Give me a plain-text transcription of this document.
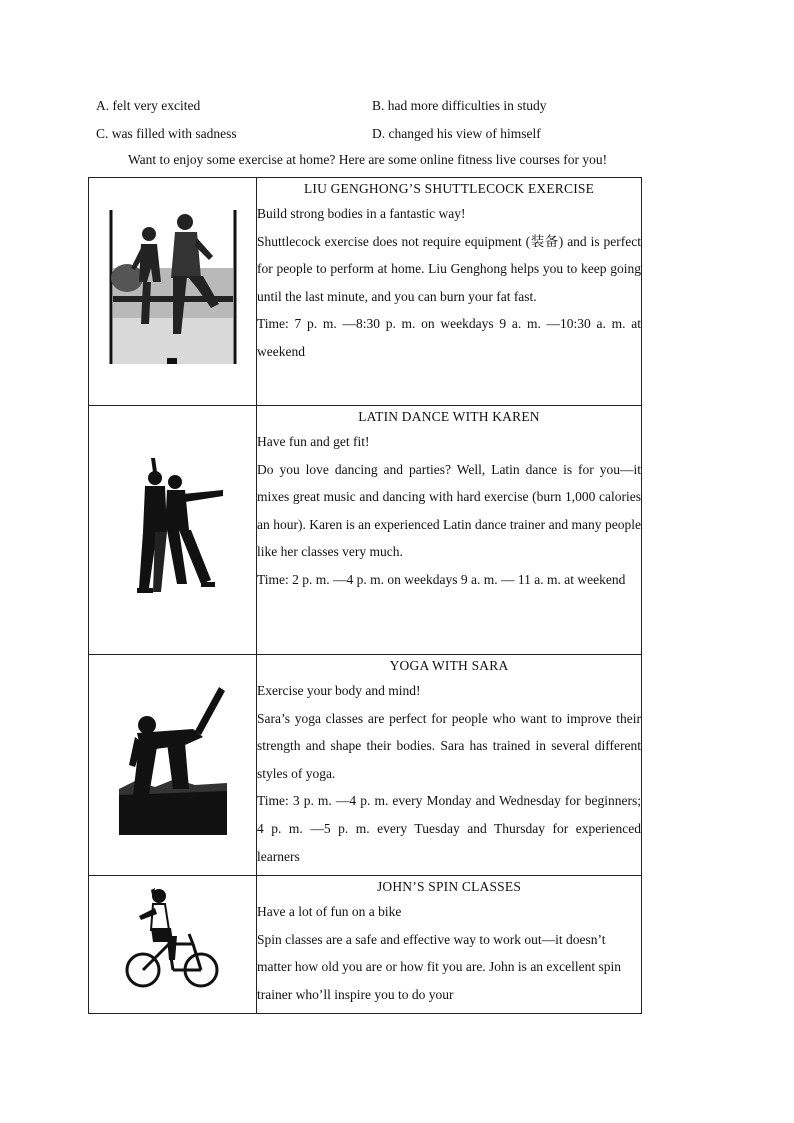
A. felt very excited	B. had more difficulties in study
C. was filled with sadness	D. changed his view of himself
Want to enjoy some exercise at home? Here are some online fitness live courses for you!

LIU GENGHONG’S SHUTTLECOCK EXERCISE
Build strong bodies in a fantastic way!
Shuttlecock exercise does not require equipment (装备) and is perfect for people to perform at home. Liu Genghong helps you to keep going until the last minute, and you can burn your fat fast.
Time: 7 p. m. —8:30 p. m. on weekdays 9 a. m. —10:30 a. m. at weekend

LATIN DANCE WITH KAREN
Have fun and get fit!
Do you love dancing and parties? Well, Latin dance is for you—it mixes great music and dancing with hard exercise (burn 1,000 calories an hour). Karen is an experienced Latin dance trainer and many people like her classes very much.
Time: 2 p. m. —4 p. m. on weekdays 9 a. m. — 11 a. m. at weekend

YOGA WITH SARA
Exercise your body and mind!
Sara’s yoga classes are perfect for people who want to improve their strength and shape their bodies. Sara has trained in several different styles of yoga.
Time: 3 p. m. —4 p. m. every Monday and Wednesday for beginners; 4 p. m. —5 p. m. every Tuesday and Thursday for experienced learners

JOHN’S SPIN CLASSES
Have a lot of fun on a bike
Spin classes are a safe and effective way to work out—it doesn’t matter how old you are or how fit you are. John is an excellent spin trainer who’ll inspire you to do your
